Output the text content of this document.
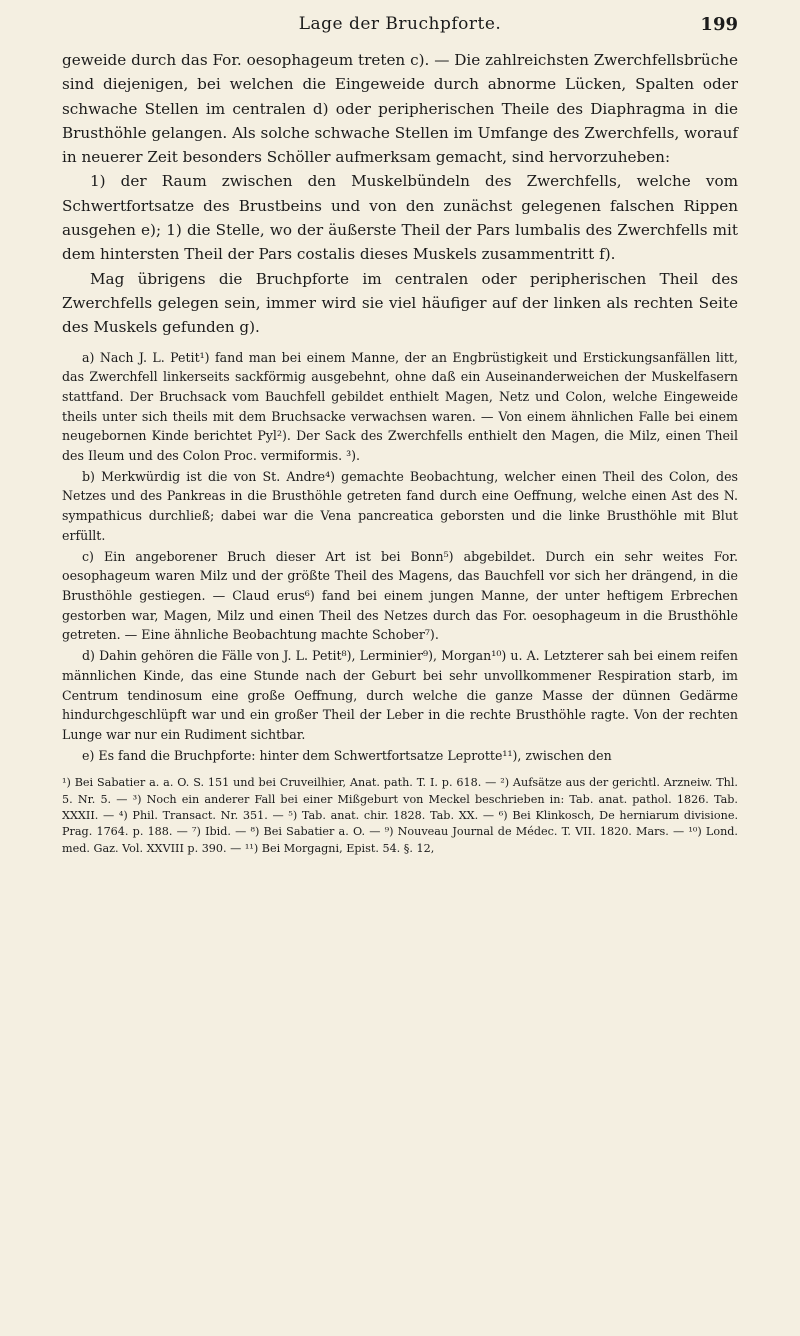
Lage der Bruchpforte.	199

geweide durch das For. oesophageum treten c). — Die zahlreichsten Zwerchfellsbrüche sind diejenigen, bei welchen die Eingeweide durch abnorme Lücken, Spalten oder schwache Stellen im centralen d) oder peripherischen Theile des Diaphragma in die Brusthöhle gelangen. Als solche schwache Stellen im Umfange des Zwerchfells, worauf in neuerer Zeit besonders Schöller aufmerksam gemacht, sind hervorzuheben:

1) der Raum zwischen den Muskelbündeln des Zwerchfells, welche vom Schwertfortsatze des Brustbeins und von den zunächst gelegenen falschen Rippen ausgehen e); 1) die Stelle, wo der äußerste Theil der Pars lumbalis des Zwerchfells mit dem hintersten Theil der Pars costalis dieses Muskels zusammentritt f).

Mag übrigens die Bruchpforte im centralen oder peripherischen Theil des Zwerchfells gelegen sein, immer wird sie viel häufiger auf der linken als rechten Seite des Muskels gefunden g).

a) Nach J. L. Petit¹) fand man bei einem Manne, der an Engbrüstigkeit und Erstickungsanfällen litt, das Zwerchfell linkerseits sackförmig ausgebehnt, ohne daß ein Auseinanderweichen der Muskelfasern stattfand. Der Bruchsack vom Bauchfell gebildet enthielt Magen, Netz und Colon, welche Eingeweide theils unter sich theils mit dem Bruchsacke verwachsen waren. — Von einem ähnlichen Falle bei einem neugebornen Kinde berichtet Pyl²). Der Sack des Zwerchfells enthielt den Magen, die Milz, einen Theil des Ileum und des Colon Proc. vermiformis. ³).

b) Merkwürdig ist die von St. Andre⁴) gemachte Beobachtung, welcher einen Theil des Colon, des Netzes und des Pankreas in die Brusthöhle getreten fand durch eine Oeffnung, welche einen Ast des N. sympathicus durchließ; dabei war die Vena pancreatica geborsten und die linke Brusthöhle mit Blut erfüllt.

c) Ein angeborener Bruch dieser Art ist bei Bonn⁵) abgebildet. Durch ein sehr weites For. oesophageum waren Milz und der größte Theil des Magens, das Bauchfell vor sich her drängend, in die Brusthöhle gestiegen. — Claud erus⁶) fand bei einem jungen Manne, der unter heftigem Erbrechen gestorben war, Magen, Milz und einen Theil des Netzes durch das For. oesophageum in die Brusthöhle getreten. — Eine ähnliche Beobachtung machte Schober⁷).

d) Dahin gehören die Fälle von J. L. Petit⁸), Lerminier⁹), Morgan¹⁰) u. A. Letzterer sah bei einem reifen männlichen Kinde, das eine Stunde nach der Geburt bei sehr unvollkommener Respiration starb, im Centrum tendinosum eine große Oeffnung, durch welche die ganze Masse der dünnen Gedärme hindurchgeschlüpft war und ein großer Theil der Leber in die rechte Brusthöhle ragte. Von der rechten Lunge war nur ein Rudiment sichtbar.

e) Es fand die Bruchpforte: hinter dem Schwertfortsatze Leprotte¹¹), zwischen den

¹) Bei Sabatier a. a. O. S. 151 und bei Cruveilhier, Anat. path. T. I. p. 618. — ²) Aufsätze aus der gerichtl. Arzneiw. Thl. 5. Nr. 5. — ³) Noch ein anderer Fall bei einer Mißgeburt von Meckel beschrieben in: Tab. anat. pathol. 1826. Tab. XXXII. — ⁴) Phil. Transact. Nr. 351. — ⁵) Tab. anat. chir. 1828. Tab. XX. — ⁶) Bei Klinkosch, De herniarum divisione. Prag. 1764. p. 188. — ⁷) Ibid. — ⁸) Bei Sabatier a. O. — ⁹) Nouveau Journal de Médec. T. VII. 1820. Mars. — ¹⁰) Lond. med. Gaz. Vol. XXVIII p. 390. — ¹¹) Bei Morgagni, Epist. 54. §. 12,
